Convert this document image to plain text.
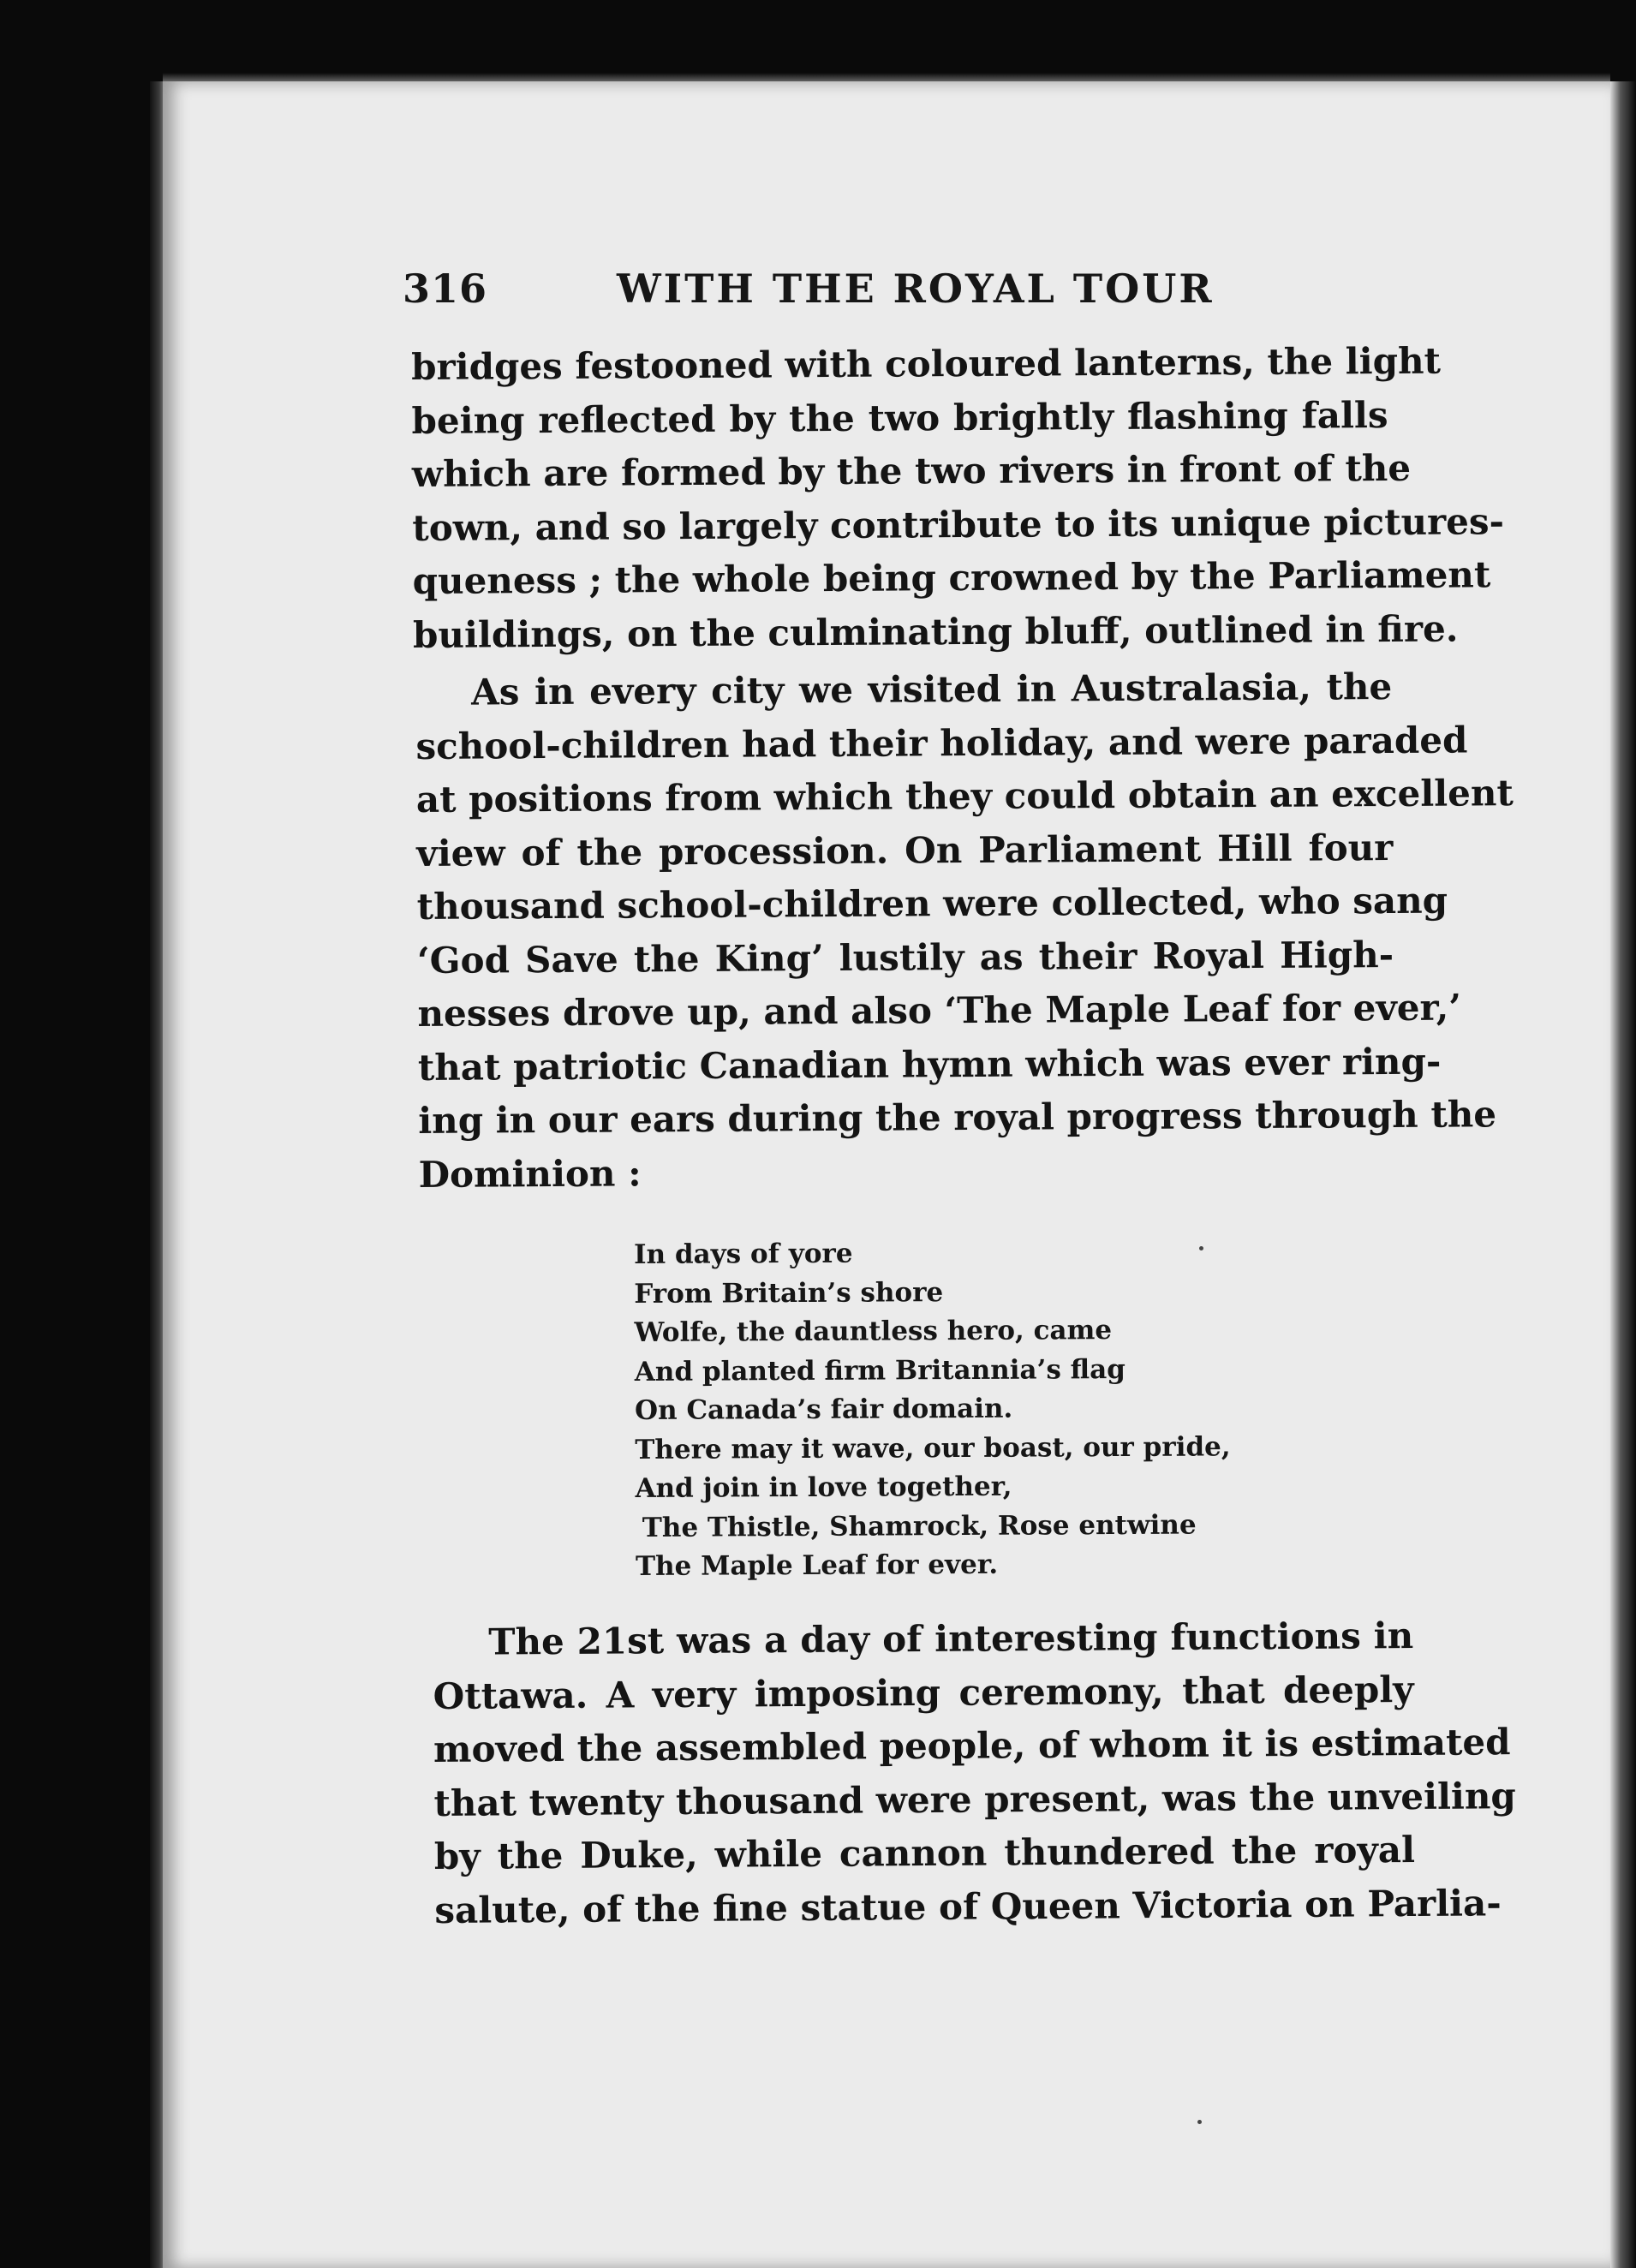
316	WITH THE ROYAL TOUR
bridges festooned with coloured lanterns, the light
being reflected by the two brightly flashing falls
which are formed by the two rivers in front of the
town, and so largely contribute to its unique pictures-
queness ; the whole being crowned by the Parliament
buildings, on the culminating bluff, outlined in fire.
As in every city we visited in Australasia, the
school-children had their holiday, and were paraded
at positions from which they could obtain an excellent
view of the procession. On Parliament Hill four
thousand school-children were collected, who sang
‘God Save the King’ lustily as their Royal High-
nesses drove up, and also ‘The Maple Leaf for ever,’
that patriotic Canadian hymn which was ever ring-
ing in our ears during the royal progress through the
Dominion :
In days of yore
From Britain’s shore
Wolfe, the dauntless hero, came
And planted firm Britannia’s flag
On Canada’s fair domain.
There may it wave, our boast, our pride,
And join in love together,
The Thistle, Shamrock, Rose entwine
The Maple Leaf for ever.
The 21st was a day of interesting functions in
Ottawa. A very imposing ceremony, that deeply
moved the assembled people, of whom it is estimated
that twenty thousand were present, was the unveiling
by the Duke, while cannon thundered the royal
salute, of the fine statue of Queen Victoria on Parlia-
